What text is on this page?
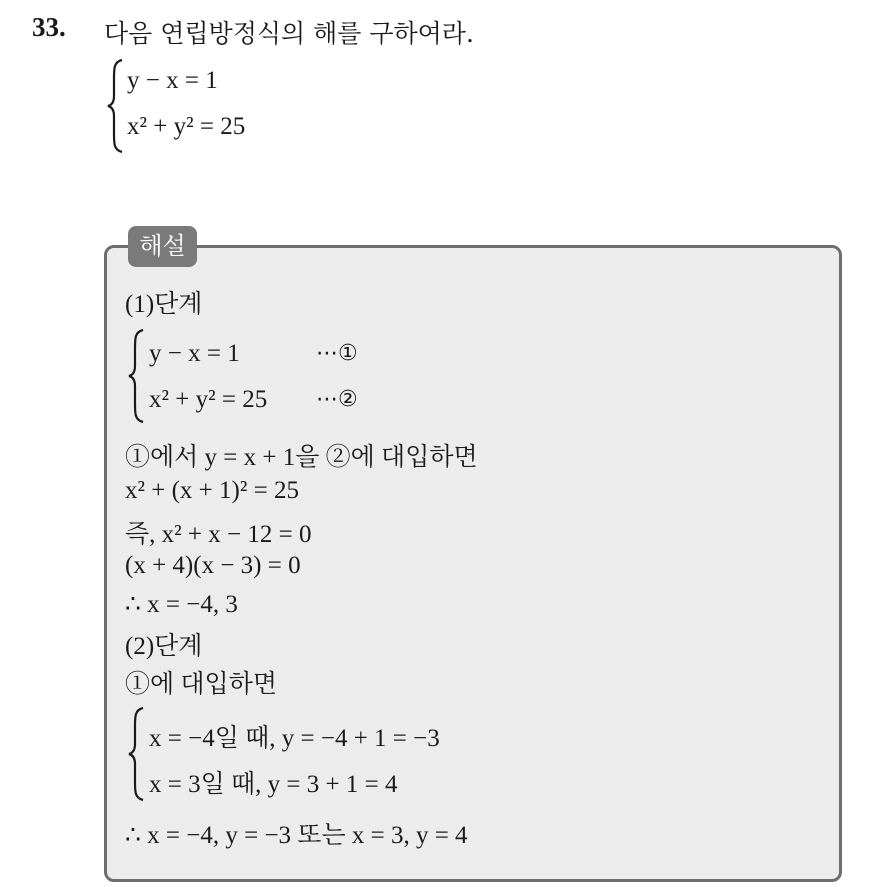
33. 다음 연립방정식의 해를 구하여라.
y − x = 1
x² + y² = 25
해설
(1)단계
y − x = 1	⋯①
x² + y² = 25 ⋯②
①에서 y = x + 1을 ②에 대입하면
x² + (x + 1)² = 25
즉, x² + x − 12 = 0
(x + 4)(x − 3) = 0
∴ x = −4, 3
(2)단계
①에 대입하면
x = −4일 때, y = −4 + 1 = −3
x = 3일 때, y = 3 + 1 = 4
∴ x = −4, y = −3 또는 x = 3, y = 4
